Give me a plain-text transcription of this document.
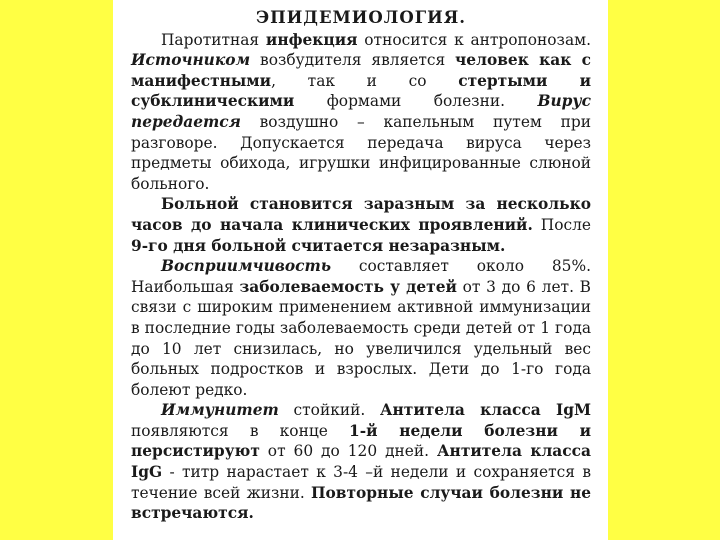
ЭПИДЕМИОЛОГИЯ.

Паротитная инфекция относится к антропонозам. Источником возбудителя является человек как с манифестными, так и со стертыми и субклиническими формами болезни. Вирус передается воздушно – капельным путем при разговоре. Допускается передача вируса через предметы обихода, игрушки инфицированные слюной больного.

Больной становится заразным за несколько часов до начала клинических проявлений. После 9-го дня больной считается незаразным.

Восприимчивость составляет около 85%. Наибольшая заболеваемость у детей от 3 до 6 лет. В связи с широким применением активной иммунизации в последние годы заболеваемость среди детей от 1 года до 10 лет снизилась, но увеличился удельный вес больных подростков и взрослых. Дети до 1-го года болеют редко.

Иммунитет стойкий. Антитела класса IgM появляются в конце 1-й недели болезни и персистируют от 60 до 120 дней. Антитела класса IgG - титр нарастает к 3-4 –й недели и сохраняется в течение всей жизни. Повторные случаи болезни не встречаются.
